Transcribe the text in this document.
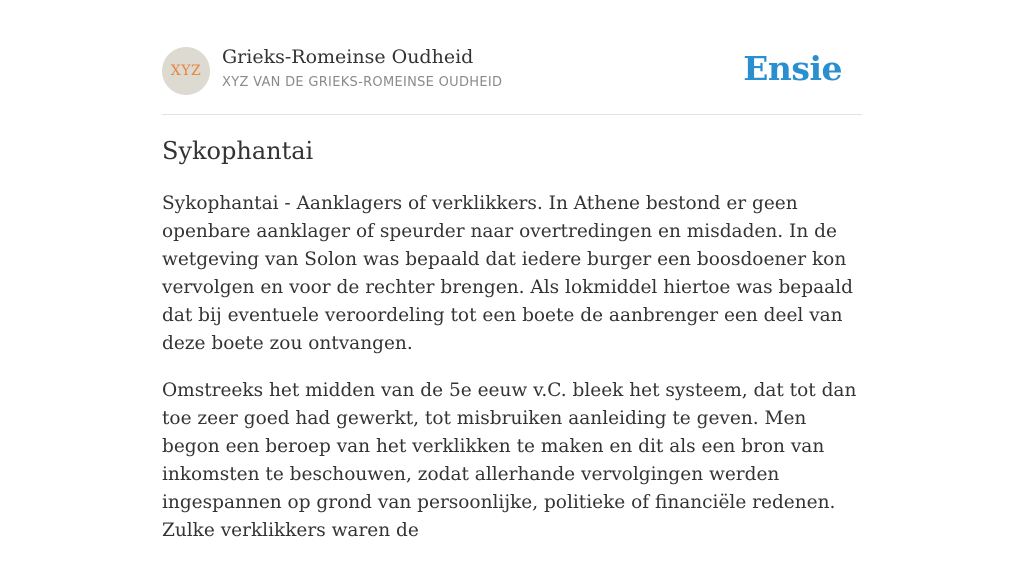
XYZ
Grieks-Romeinse Oudheid
XYZ VAN DE GRIEKS-ROMEINSE OUDHEID	Ensie
Sykophantai

Sykophantai - Aanklagers of verklikkers. In Athene bestond er geen openbare aanklager of speurder naar overtredingen en misdaden. In de wetgeving van Solon was bepaald dat iedere burger een boosdoener kon vervolgen en voor de rechter brengen. Als lokmiddel hiertoe was bepaald dat bij eventuele veroordeling tot een boete de aanbrenger een deel van deze boete zou ontvangen.

Omstreeks het midden van de 5e eeuw v.C. bleek het systeem, dat tot dan toe zeer goed had gewerkt, tot misbruiken aanleiding te geven. Men begon een beroep van het verklikken te maken en dit als een bron van inkomsten te beschouwen, zodat allerhande vervolgingen werden ingespannen op grond van persoonlijke, politieke of financiële redenen. Zulke verklikkers waren de
